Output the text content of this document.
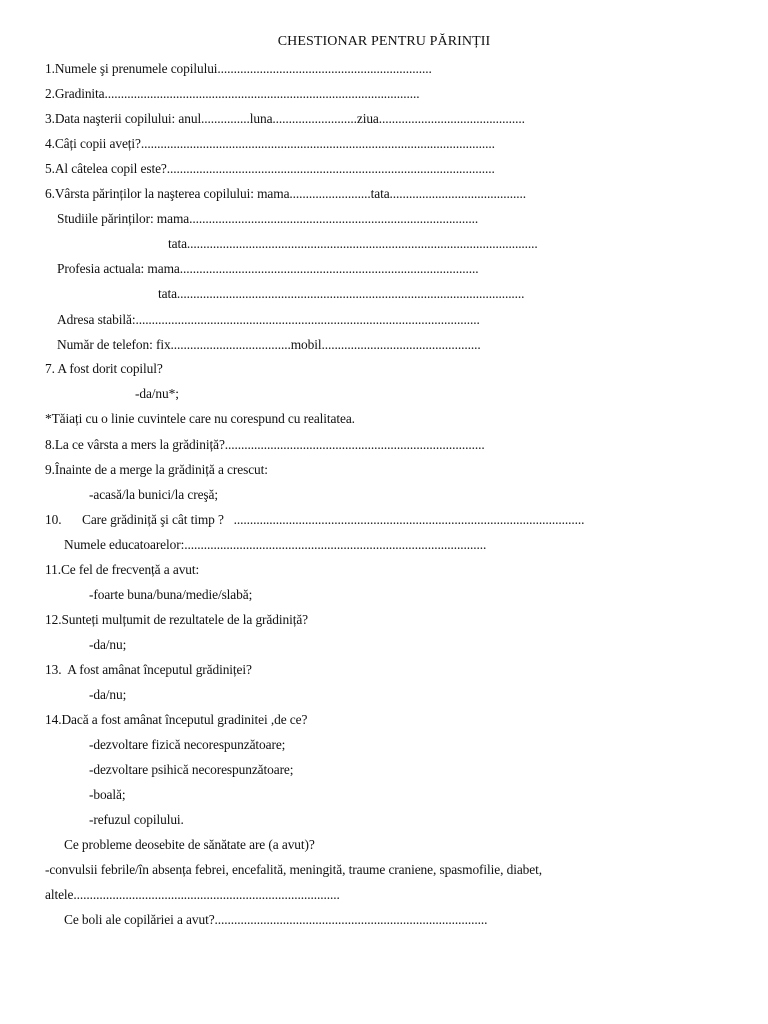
CHESTIONAR PENTRU PĂRINȚII
1.Numele şi prenumele copilului..................................................................
2.Gradinita.................................................................................................
3.Data naşterii copilului: anul...............luna..........................ziua.............................................
4.Câți copii aveți?.............................................................................................................
5.Al câtelea copil este?.....................................................................................................
6.Vârsta părinților la naşterea copilului: mama.........................tata..........................................
Studiile părinților: mama.........................................................................................
tata............................................................................................................
Profesia actuala: mama............................................................................................
tata...........................................................................................................
Adresa stabilă:..........................................................................................................
Număr de telefon: fix.....................................mobil.................................................
7. A fost dorit copilul?
-da/nu*;
*Tăiați cu o linie cuvintele care nu corespund cu realitatea.
8.La ce vârsta a mers la grădiniță?................................................................................
9.Înainte de a merge la grădiniță a crescut:
-acasă/la bunici/la creşă;
10. Care grădiniță şi cât timp ?   ............................................................................................................
Numele educatoarelor:.............................................................................................
11.Ce fel de frecvență a avut:
-foarte buna/buna/medie/slabă;
12.Sunteți mulțumit de rezultatele de la grădiniță?
-da/nu;
13.  A fost amânat începutul grădiniței?
-da/nu;
14.Dacă a fost amânat începutul gradinitei ,de ce?
-dezvoltare fizică necorespunzătoare;
-dezvoltare psihică necorespunzătoare;
-boală;
-refuzul copilului.
Ce probleme deosebite de sănătate are (a avut)?
-convulsii febrile/în absența febrei, encefalită, meningită, traume craniene, spasmofilie, diabet,
altele..................................................................................
Ce boli ale copilăriei a avut?....................................................................................
